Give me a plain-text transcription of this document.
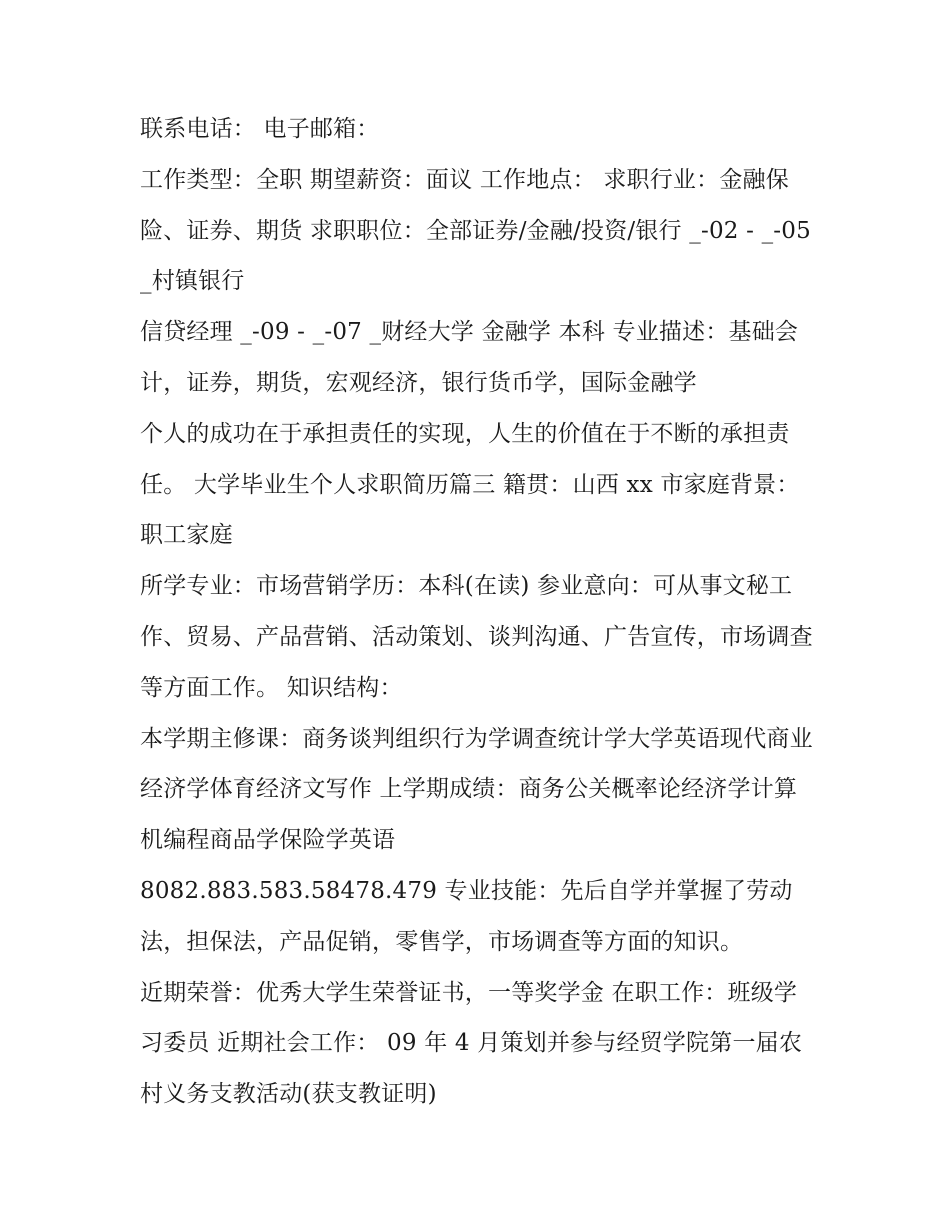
联系电话： 电子邮箱：

工作类型：全职 期望薪资：面议 工作地点： 求职行业：金融保险、证券、期货 求职职位：全部证券/金融/投资/银行 _-02 - _-05 _村镇银行

信贷经理 _-09 - _-07 _财经大学 金融学 本科 专业描述：基础会计，证券，期货，宏观经济，银行货币学，国际金融学

个人的成功在于承担责任的实现，人生的价值在于不断的承担责任。 大学毕业生个人求职简历篇三 籍贯：山西 xx 市家庭背景：职工家庭

所学专业：市场营销学历：本科(在读) 参业意向：可从事文秘工作、贸易、产品营销、活动策划、谈判沟通、广告宣传，市场调查等方面工作。 知识结构：

本学期主修课：商务谈判组织行为学调查统计学大学英语现代商业经济学体育经济文写作 上学期成绩：商务公关概率论经济学计算机编程商品学保险学英语

8082.883.583.58478.479 专业技能：先后自学并掌握了劳动法，担保法，产品促销，零售学，市场调查等方面的知识。

近期荣誉：优秀大学生荣誉证书，一等奖学金 在职工作：班级学习委员 近期社会工作： 09 年 4 月策划并参与经贸学院第一届农村义务支教活动(获支教证明)
